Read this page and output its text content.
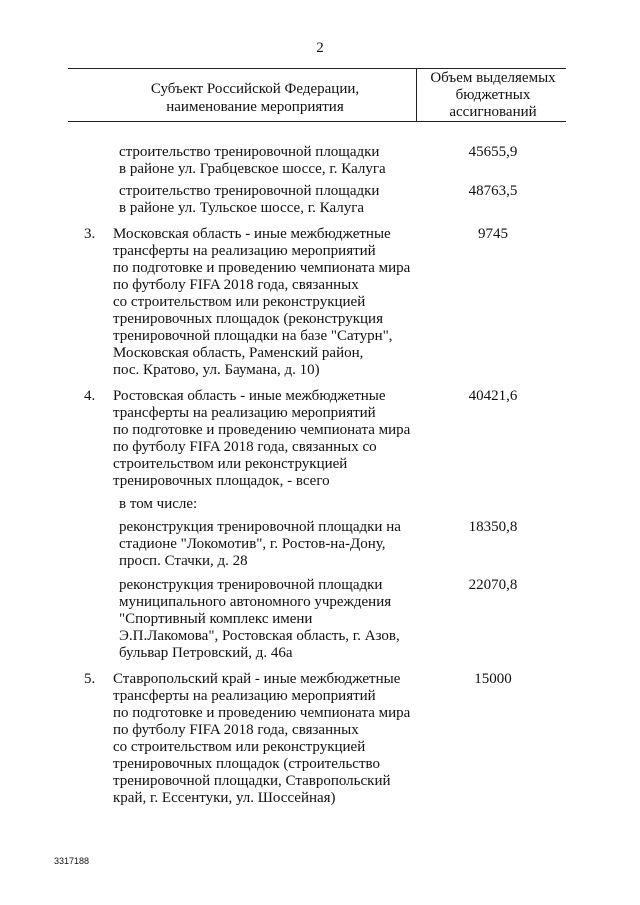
2
Субъект Российской Федерации,
наименование мероприятия
Объем выделяемых
бюджетных
ассигнований
строительство тренировочной площадки
в районе ул. Грабцевское шоссе, г. Калуга
45655,9
строительство тренировочной площадки
в районе ул. Тульское шоссе, г. Калуга
48763,5
3. Московская область - иные межбюджетные
трансферты на реализацию мероприятий
по подготовке и проведению чемпионата мира
по футболу FIFA 2018 года, связанных
со строительством или реконструкцией
тренировочных площадок (реконструкция
тренировочной площадки на базе "Сатурн",
Московская область, Раменский район,
пос. Кратово, ул. Баумана, д. 10)
9745
4. Ростовская область - иные межбюджетные
трансферты на реализацию мероприятий
по подготовке и проведению чемпионата мира
по футболу FIFA 2018 года, связанных со
строительством или реконструкцией
тренировочных площадок, - всего
40421,6
в том числе:
реконструкция тренировочной площадки на
стадионе "Локомотив", г. Ростов-на-Дону,
просп. Стачки, д. 28
18350,8
реконструкция тренировочной площадки
муниципального автономного учреждения
"Спортивный комплекс имени
Э.П.Лакомова", Ростовская область, г. Азов,
бульвар Петровский, д. 46а
22070,8
5. Ставропольский край - иные межбюджетные
трансферты на реализацию мероприятий
по подготовке и проведению чемпионата мира
по футболу FIFA 2018 года, связанных
со строительством или реконструкцией
тренировочных площадок (строительство
тренировочной площадки, Ставропольский
край, г. Ессентуки, ул. Шоссейная)
15000
3317188
